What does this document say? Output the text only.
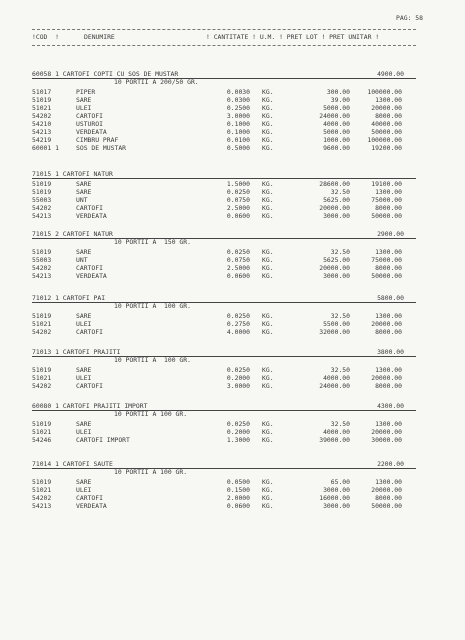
PAG: 58
!COD  !	DENUMIRE	! CANTITATE ! U.M. ! PRET LOT ! PRET UNITAR !
60058 1 CARTOFI COPTI CU SOS DE MUSTAR	4900.00
10 PORTII A 200/50 GR.
51017	PIPER	0.0030 KG.	300.00	100000.00
51019	SARE	0.0300 KG.	39.00	1300.00
51021	ULEI	0.2500 KG.	5000.00	20000.00
54202	CARTOFI	3.0000 KG.	24000.00	8000.00
54210	USTUROI	0.1000 KG.	4000.00	40000.00
54213	VERDEATA	0.1000 KG.	5000.00	50000.00
54219	CIMBRU PRAF	0.0100 KG.	1000.00	100000.00
60001 1	SOS DE MUSTAR	0.5000 KG.	9600.00	19200.00
71015 1 CARTOFI NATUR
51019	SARE	1.5000 KG.	28600.00	19100.00
51019	SARE	0.0250 KG.	32.50	1300.00
55003	UNT	0.0750 KG.	5625.00	75000.00
54202	CARTOFI	2.5000 KG.	20000.00	8000.00
54213	VERDEATA	0.0600 KG.	3000.00	50000.00
71015 2 CARTOFI NATUR	2900.00
10 PORTII A  150 GR.
51019	SARE	0.0250 KG.	32.50	1300.00
55003	UNT	0.0750 KG.	5625.00	75000.00
54202	CARTOFI	2.5000 KG.	20000.00	8000.00
54213	VERDEATA	0.0600 KG.	3000.00	50000.00
71012 1 CARTOFI PAI	5800.00
10 PORTII A  100 GR.
51019	SARE	0.0250 KG.	32.50	1300.00
51021	ULEI	0.2750 KG.	5500.00	20000.00
54202	CARTOFI	4.0000 KG.	32000.00	8000.00
71013 1 CARTOFI PRAJITI	3800.00
10 PORTII A  100 GR.
51019	SARE	0.0250 KG.	32.50	1300.00
51021	ULEI	0.2000 KG.	4000.00	20000.00
54202	CARTOFI	3.0000 KG.	24000.00	8000.00
60080 1 CARTOFI PRAJITI IMPORT	4300.00
10 PORTII A 100 GR.
51019	SARE	0.0250 KG.	32.50	1300.00
51021	ULEI	0.2000 KG.	4000.00	20000.00
54246	CARTOFI IMPORT	1.3000 KG.	39000.00	30000.00
71014 1 CARTOFI SAUTE	2200.00
10 PORTII A 100 GR.
51019	SARE	0.0500 KG.	65.00	1300.00
51021	ULEI	0.1500 KG.	3000.00	20000.00
54202	CARTOFI	2.0000 KG.	16000.00	8000.00
54213	VERDEATA	0.0600 KG.	3000.00	50000.00
